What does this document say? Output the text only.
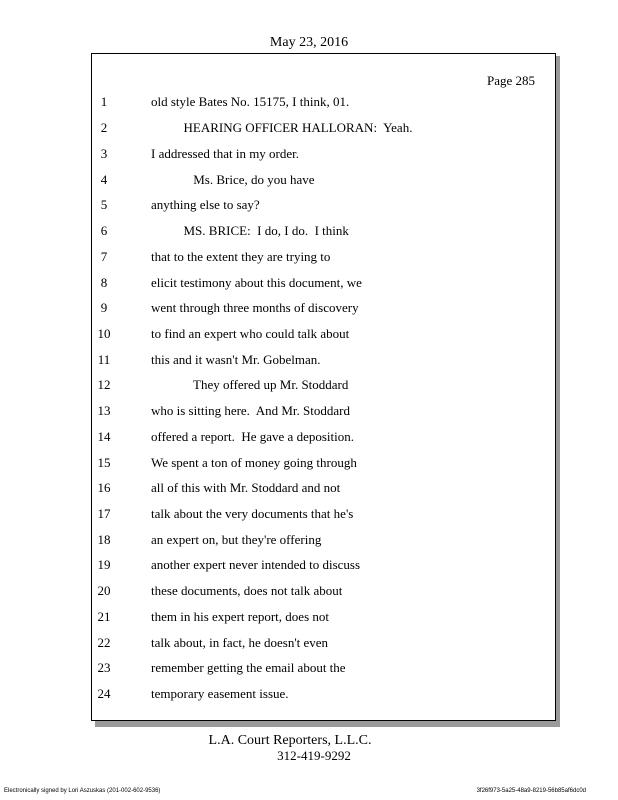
May 23, 2016
Page 285
1	old style Bates No. 15175, I think, 01.
2	HEARING OFFICER HALLORAN:  Yeah.
3	I addressed that in my order.
4	Ms. Brice, do you have
5	anything else to say?
6	MS. BRICE:  I do, I do.  I think
7	that to the extent they are trying to
8	elicit testimony about this document, we
9	went through three months of discovery
10	to find an expert who could talk about
11	this and it wasn't Mr. Gobelman.
12	They offered up Mr. Stoddard
13	who is sitting here.  And Mr. Stoddard
14	offered a report.  He gave a deposition.
15	We spent a ton of money going through
16	all of this with Mr. Stoddard and not
17	talk about the very documents that he's
18	an expert on, but they're offering
19	another expert never intended to discuss
20	these documents, does not talk about
21	them in his expert report, does not
22	talk about, in fact, he doesn't even
23	remember getting the email about the
24	temporary easement issue.
L.A. Court Reporters, L.L.C.
312-419-9292
Electronically signed by Lori Aszuskas (201-002-602-9536)	3f26f973-5a25-48a9-8219-56b85af6dc0d
